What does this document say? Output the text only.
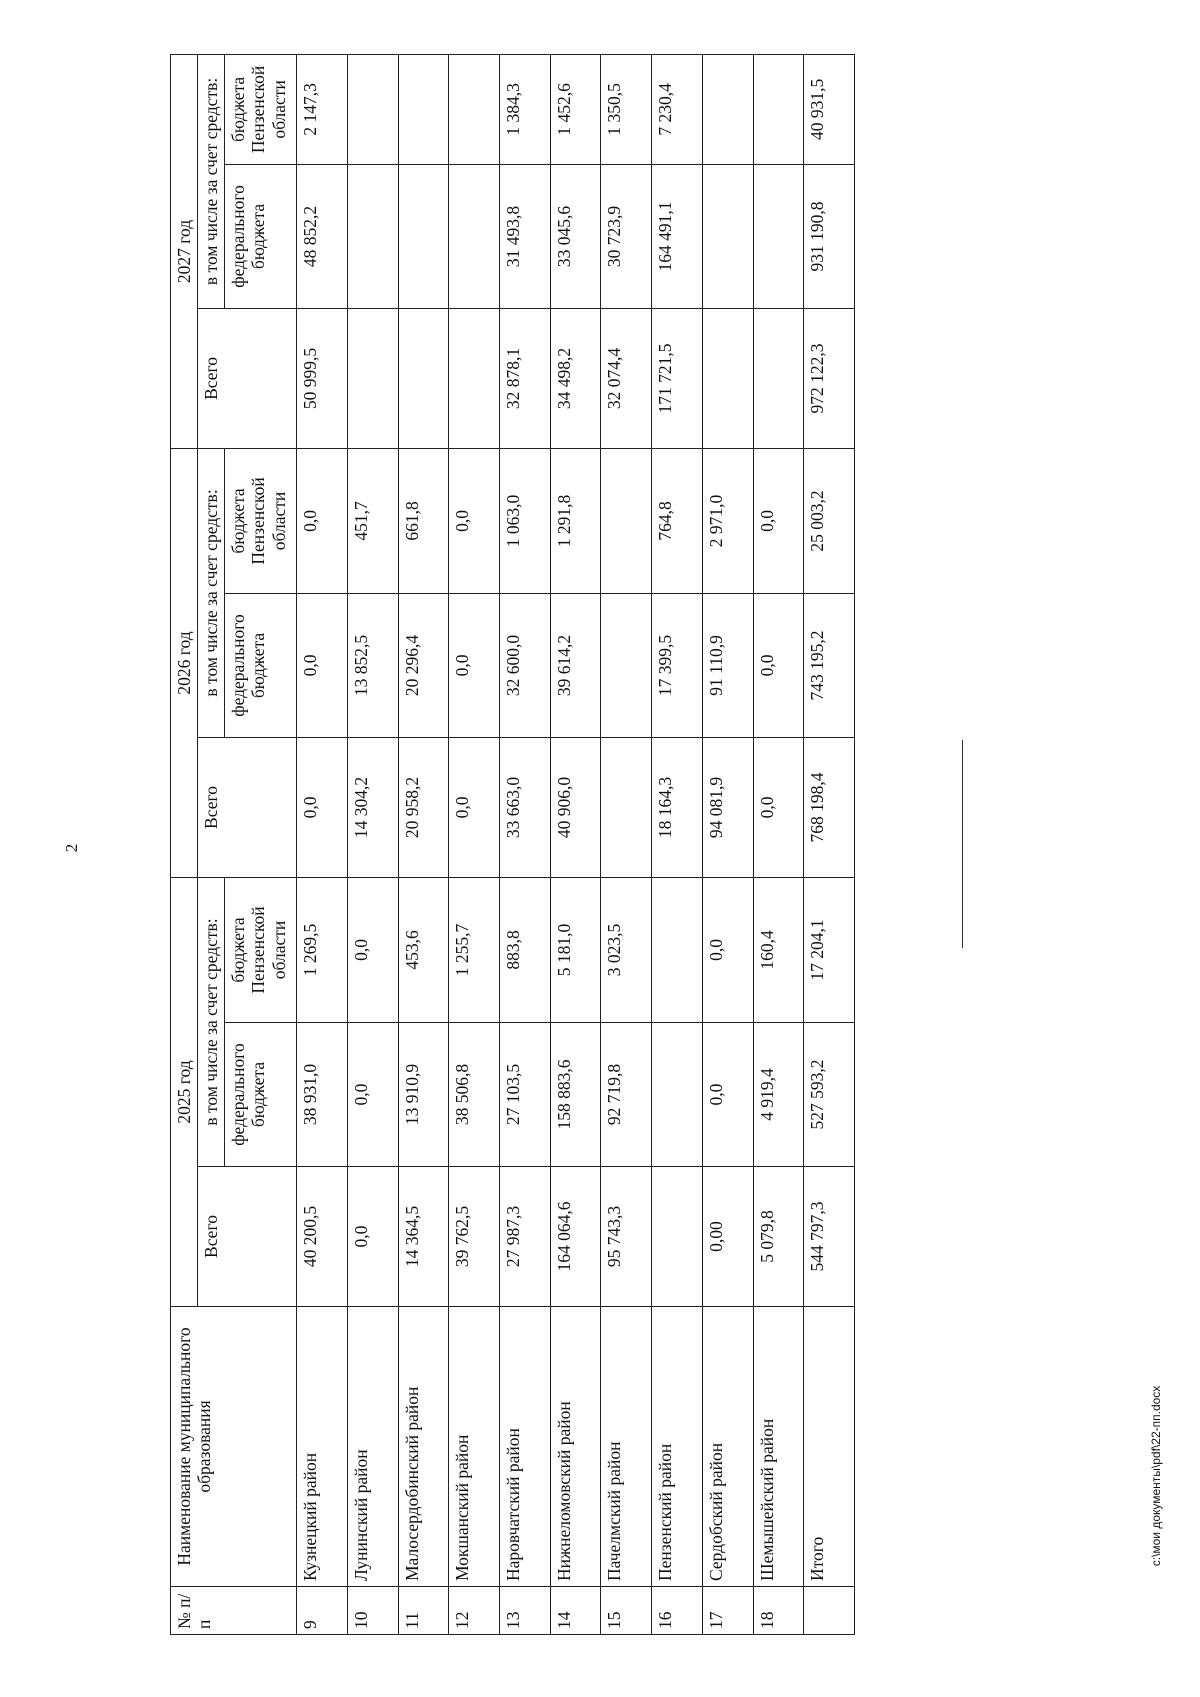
2
№ п/п	Наименование муниципального образования	2025 год			2026 год			2027 год		
		Всего	в том числе за счет средств:		Всего	в том числе за счет средств:		Всего	в том числе за счет средств:	
			федерального бюджета	бюджета Пензенской области		федерального бюджета	бюджета Пензенской области		федерального бюджета	бюджета Пензенской области
9	Кузнецкий район	40 200,5	38 931,0	1 269,5	0,0	0,0	0,0	50 999,5	48 852,2	2 147,3
10	Лунинский район	0,0	0,0	0,0	14 304,2	13 852,5	451,7			
11	Малосердобинский район	14 364,5	13 910,9	453,6	20 958,2	20 296,4	661,8			
12	Мокшанский район	39 762,5	38 506,8	1 255,7	0,0	0,0	0,0			
13	Наровчатский район	27 987,3	27 103,5	883,8	33 663,0	32 600,0	1 063,0	32 878,1	31 493,8	1 384,3
14	Нижнеломовский район	164 064,6	158 883,6	5 181,0	40 906,0	39 614,2	1 291,8	34 498,2	33 045,6	1 452,6
15	Пачелмский район	95 743,3	92 719,8	3 023,5				32 074,4	30 723,9	1 350,5
16	Пензенский район				18 164,3	17 399,5	764,8	171 721,5	164 491,1	7 230,4
17	Сердобский район	0,00	0,0	0,0	94 081,9	91 110,9	2 971,0			
18	Шемышейский район	5 079,8	4 919,4	160,4	0,0	0,0	0,0			
	Итого	544 797,3	527 593,2	17 204,1	768 198,4	743 195,2	25 003,2	972 122,3	931 190,8	40 931,5
c:\мои документы\pdf\22-пп.docx
